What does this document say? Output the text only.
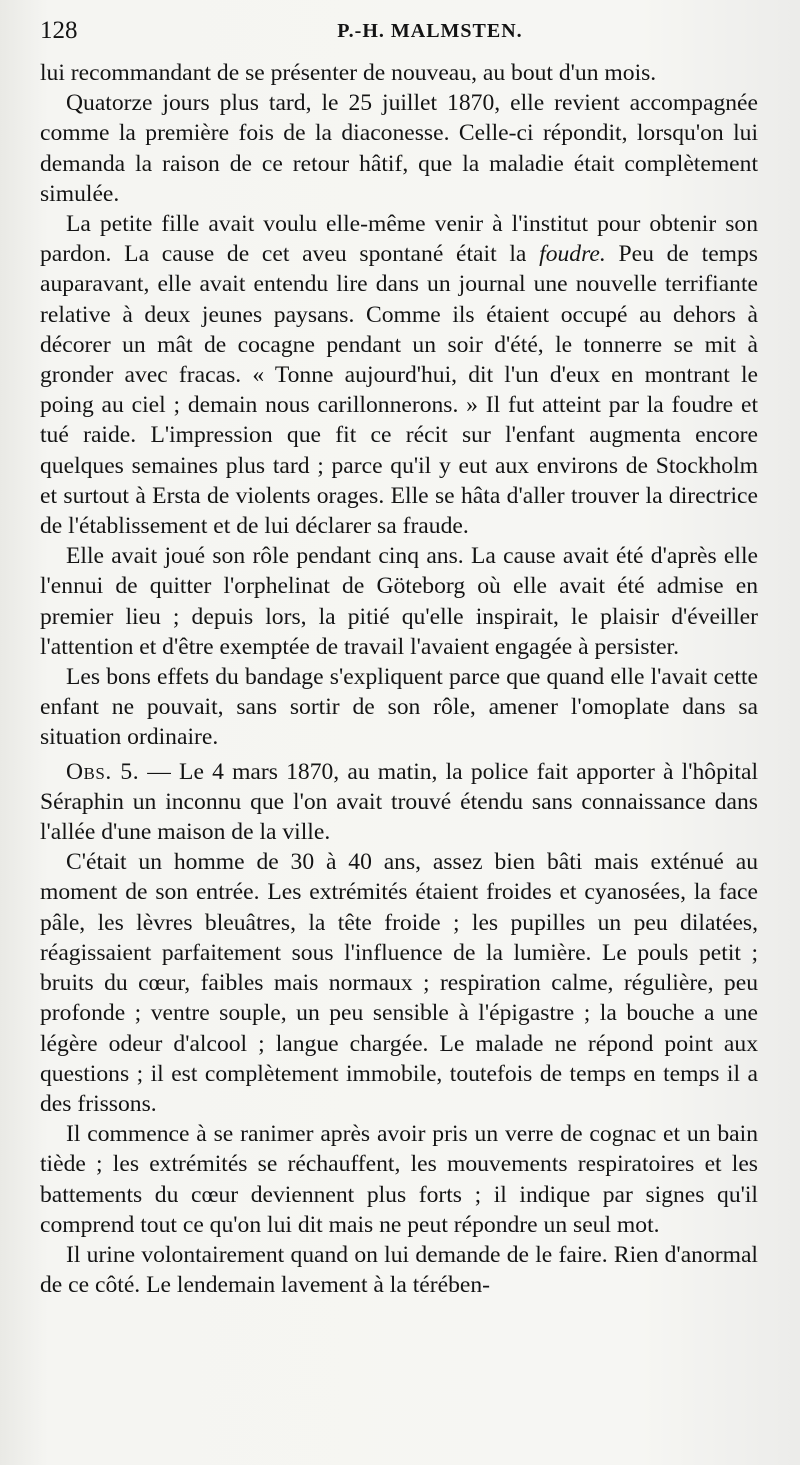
128	P.-H. MALMSTEN.

lui recommandant de se présenter de nouveau, au bout d'un mois.

Quatorze jours plus tard, le 25 juillet 1870, elle revient accompagnée comme la première fois de la diaconesse. Celle-ci répondit, lorsqu'on lui demanda la raison de ce retour hâtif, que la maladie était complètement simulée.

La petite fille avait voulu elle-même venir à l'institut pour obtenir son pardon. La cause de cet aveu spontané était la foudre. Peu de temps auparavant, elle avait entendu lire dans un journal une nouvelle terrifiante relative à deux jeunes paysans. Comme ils étaient occupé au dehors à décorer un mât de cocagne pendant un soir d'été, le tonnerre se mit à gronder avec fracas. « Tonne aujourd'hui, dit l'un d'eux en montrant le poing au ciel ; demain nous carillonnerons. » Il fut atteint par la foudre et tué raide. L'impression que fit ce récit sur l'enfant augmenta encore quelques semaines plus tard ; parce qu'il y eut aux environs de Stockholm et surtout à Ersta de violents orages. Elle se hâta d'aller trouver la directrice de l'établissement et de lui déclarer sa fraude.

Elle avait joué son rôle pendant cinq ans. La cause avait été d'après elle l'ennui de quitter l'orphelinat de Göteborg où elle avait été admise en premier lieu ; depuis lors, la pitié qu'elle inspirait, le plaisir d'éveiller l'attention et d'être exemptée de travail l'avaient engagée à persister.

Les bons effets du bandage s'expliquent parce que quand elle l'avait cette enfant ne pouvait, sans sortir de son rôle, amener l'omoplate dans sa situation ordinaire.

Obs. 5. — Le 4 mars 1870, au matin, la police fait apporter à l'hôpital Séraphin un inconnu que l'on avait trouvé étendu sans connaissance dans l'allée d'une maison de la ville.

C'était un homme de 30 à 40 ans, assez bien bâti mais exténué au moment de son entrée. Les extrémités étaient froides et cyanosées, la face pâle, les lèvres bleuâtres, la tête froide ; les pupilles un peu dilatées, réagissaient parfaitement sous l'influence de la lumière. Le pouls petit ; bruits du cœur, faibles mais normaux ; respiration calme, régulière, peu profonde ; ventre souple, un peu sensible à l'épigastre ; la bouche a une légère odeur d'alcool ; langue chargée. Le malade ne répond point aux questions ; il est complètement immobile, toutefois de temps en temps il a des frissons.

Il commence à se ranimer après avoir pris un verre de cognac et un bain tiède ; les extrémités se réchauffent, les mouvements respiratoires et les battements du cœur deviennent plus forts ; il indique par signes qu'il comprend tout ce qu'on lui dit mais ne peut répondre un seul mot.

Il urine volontairement quand on lui demande de le faire. Rien d'anormal de ce côté. Le lendemain lavement à la térében-
